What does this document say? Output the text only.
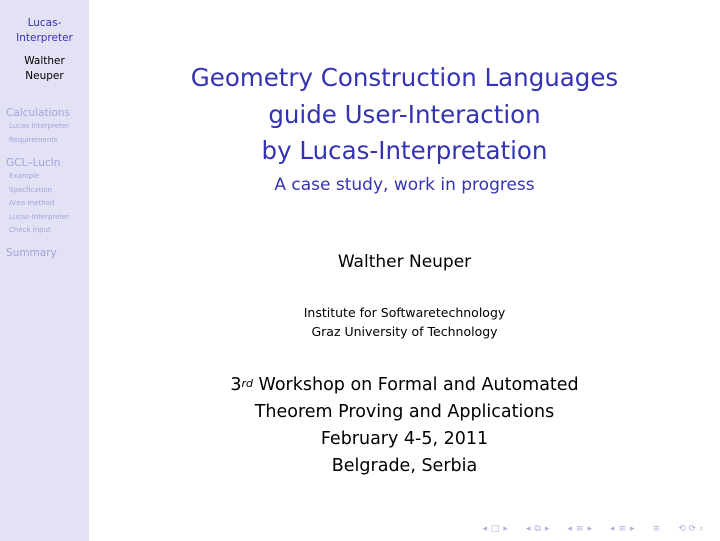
Lucas-
Interpreter
Walther
Neuper
Calculations
Lucas Interpreter
Requirements
GCL–LucIn
Example
Specfication
Area method
Lucas-Interpreter
Check input
Summary
Geometry Construction Languages
guide User-Interaction
by Lucas-Interpretation
A case study, work in progress
Walther Neuper
Institute for Softwaretechnology
Graz University of Technology
3rd Workshop on Formal and Automated
Theorem Proving and Applications
February 4-5, 2011
Belgrade, Serbia
◂ □ ▸ ◂ ⧉ ▸ ◂ ≡ ▸ ◂ ≡ ▸ ≡ ⟲ ⟳ ⌕
